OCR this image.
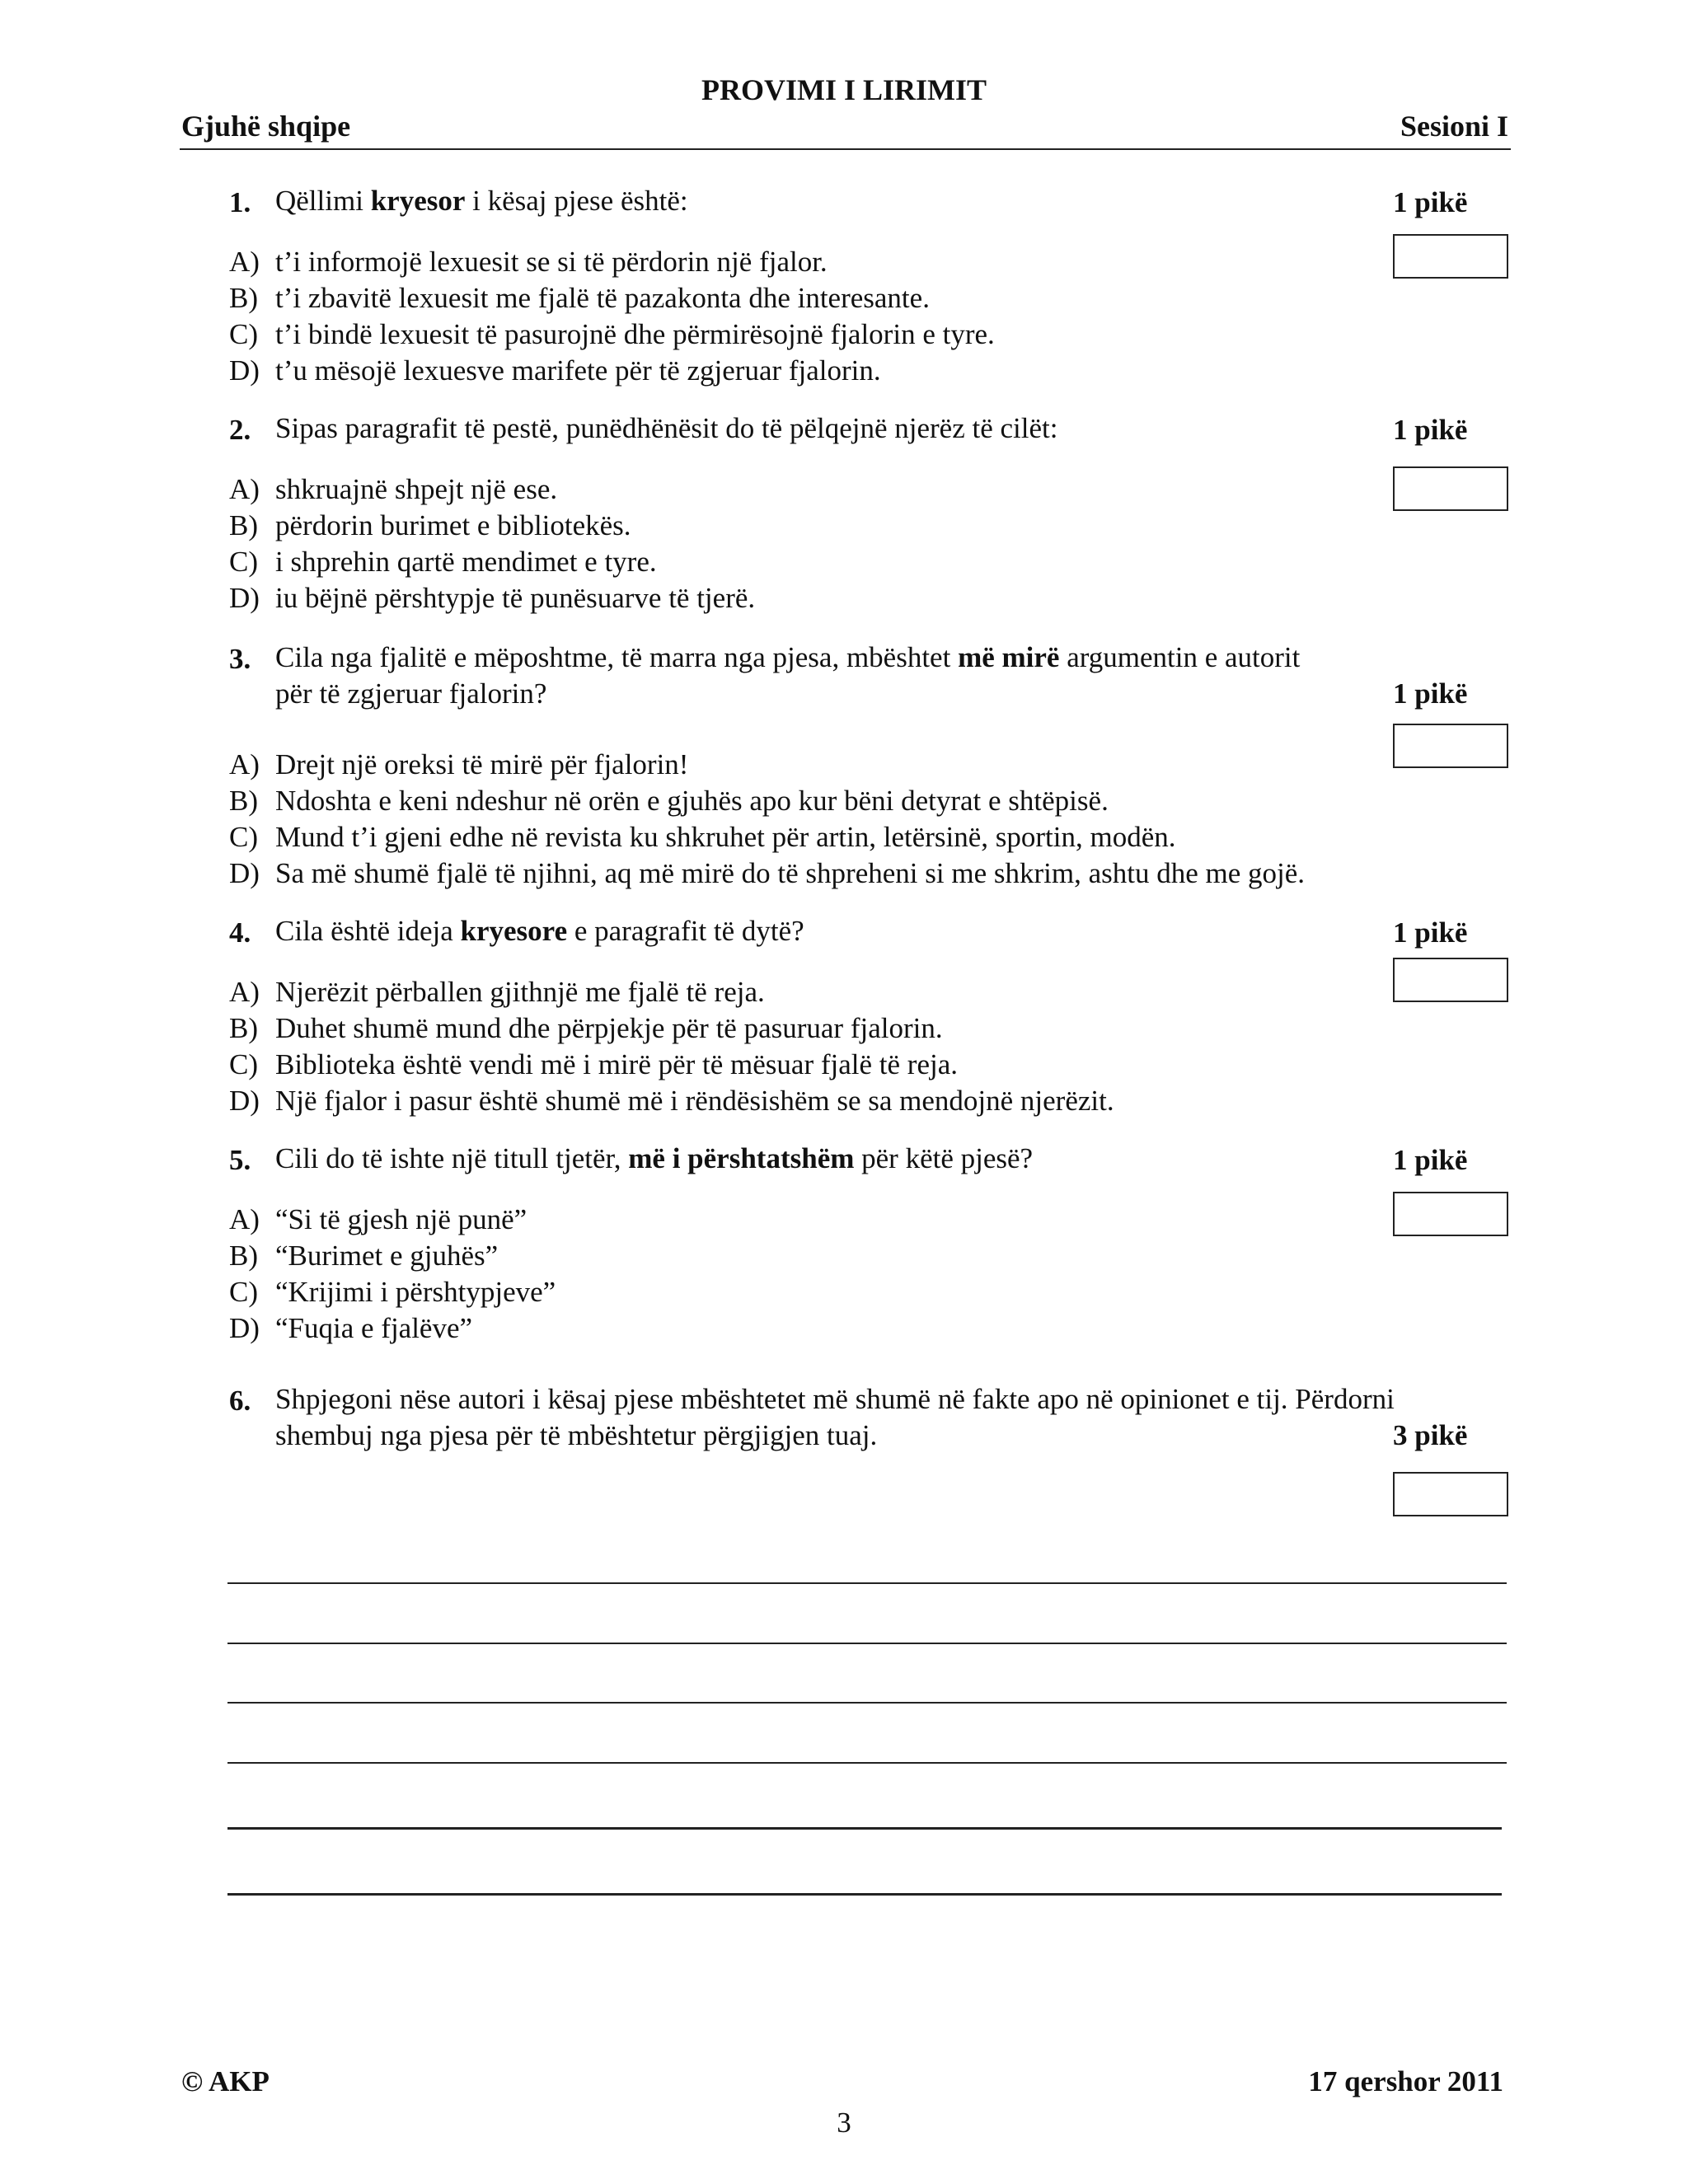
PROVIMI I LIRIMIT
Gjuhë shqipe	Sesioni I
1. Qëllimi kryesor i kësaj pjese është:	1 pikë
A) t’i informojë lexuesit se si të përdorin një fjalor.
B) t’i zbavitë lexuesit me fjalë të pazakonta dhe interesante.
C) t’i bindë lexuesit të pasurojnë dhe përmirësojnë fjalorin e tyre.
D) t’u mësojë lexuesve marifete për të zgjeruar fjalorin.
2. Sipas paragrafit të pestë, punëdhënësit do të pëlqejnë njerëz të cilët:	1 pikë
A) shkruajnë shpejt një ese.
B) përdorin burimet e bibliotekës.
C) i shprehin qartë mendimet e tyre.
D) iu bëjnë përshtypje të punësuarve të tjerë.
3. Cila nga fjalitë e mëposhtme, të marra nga pjesa, mbështet më mirë argumentin e autorit
për të zgjeruar fjalorin?	1 pikë
A) Drejt një oreksi të mirë për fjalorin!
B) Ndoshta e keni ndeshur në orën e gjuhës apo kur bëni detyrat e shtëpisë.
C) Mund t’i gjeni edhe në revista ku shkruhet për artin, letërsinë, sportin, modën.
D) Sa më shumë fjalë të njihni, aq më mirë do të shpreheni si me shkrim, ashtu dhe me gojë.
4. Cila është ideja kryesore e paragrafit të dytë?	1 pikë
A) Njerëzit përballen gjithnjë me fjalë të reja.
B) Duhet shumë mund dhe përpjekje për të pasuruar fjalorin.
C) Biblioteka është vendi më i mirë për të mësuar fjalë të reja.
D) Një fjalor i pasur është shumë më i rëndësishëm se sa mendojnë njerëzit.
5. Cili do të ishte një titull tjetër, më i përshtatshëm për këtë pjesë?	1 pikë
A) “Si të gjesh një punë”
B) “Burimet e gjuhës”
C) “Krijimi i përshtypjeve”
D) “Fuqia e fjalëve”
6. Shpjegoni nëse autori i kësaj pjese mbështetet më shumë në fakte apo në opinionet e tij. Përdorni
shembuj nga pjesa për të mbështetur përgjigjen tuaj.	3 pikë
© AKP	17 qershor 2011
3
